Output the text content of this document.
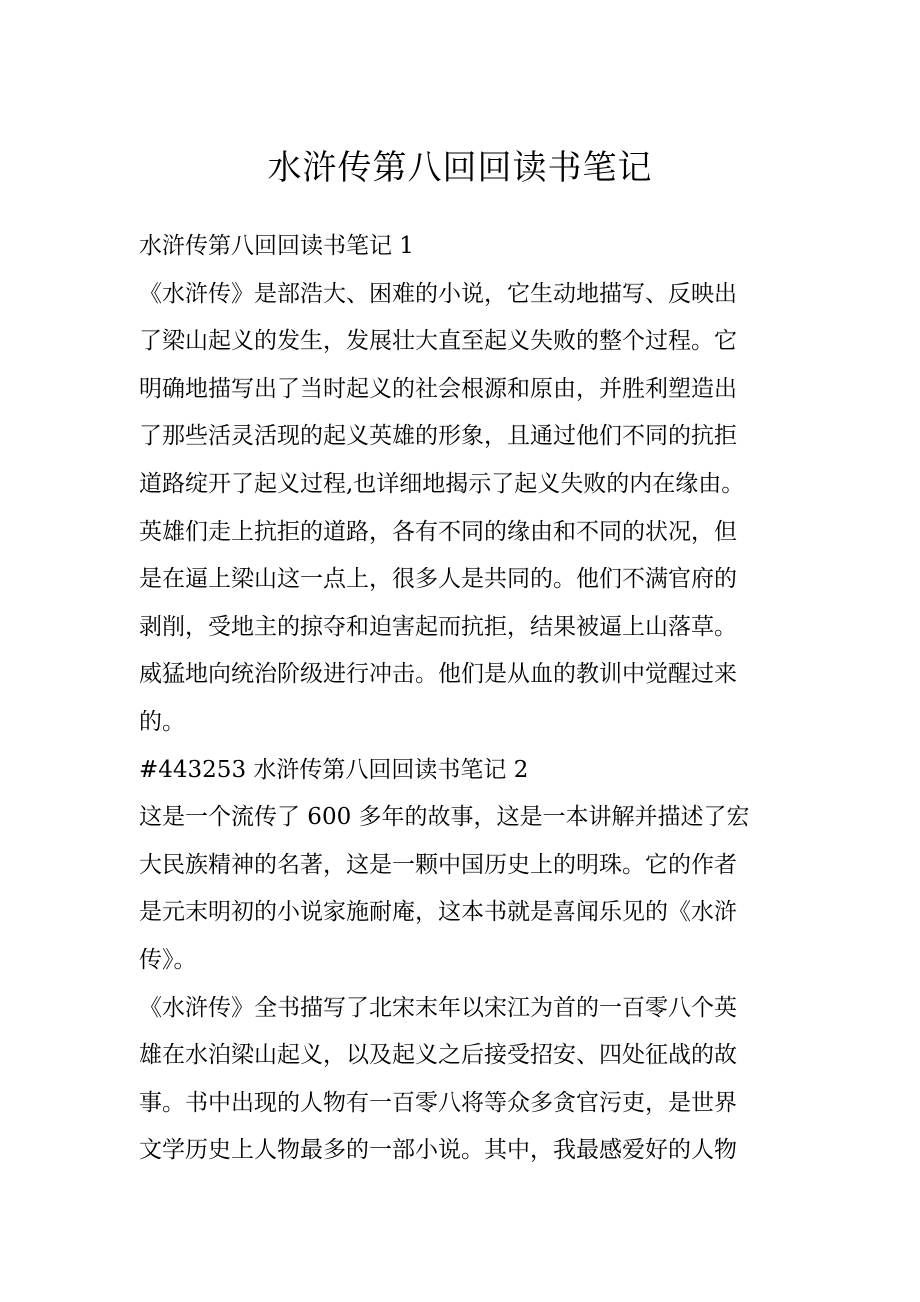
水浒传第八回回读书笔记
水浒传第八回回读书笔记 1
《水浒传》是部浩大、困难的小说，它生动地描写、反映出
了梁山起义的发生，发展壮大直至起义失败的整个过程。它
明确地描写出了当时起义的社会根源和原由，并胜利塑造出
了那些活灵活现的起义英雄的形象，且通过他们不同的抗拒
道路绽开了起义过程,也详细地揭示了起义失败的内在缘由。
英雄们走上抗拒的道路，各有不同的缘由和不同的状况，但
是在逼上梁山这一点上，很多人是共同的。他们不满官府的
剥削，受地主的掠夺和迫害起而抗拒，结果被逼上山落草。
威猛地向统治阶级进行冲击。他们是从血的教训中觉醒过来
的。
#443253 水浒传第八回回读书笔记 2
这是一个流传了 600 多年的故事，这是一本讲解并描述了宏
大民族精神的名著，这是一颗中国历史上的明珠。它的作者
是元末明初的小说家施耐庵，这本书就是喜闻乐见的《水浒
传》。
《水浒传》全书描写了北宋末年以宋江为首的一百零八个英
雄在水泊梁山起义，以及起义之后接受招安、四处征战的故
事。书中出现的人物有一百零八将等众多贪官污吏，是世界
文学历史上人物最多的一部小说。其中，我最感爱好的人物
